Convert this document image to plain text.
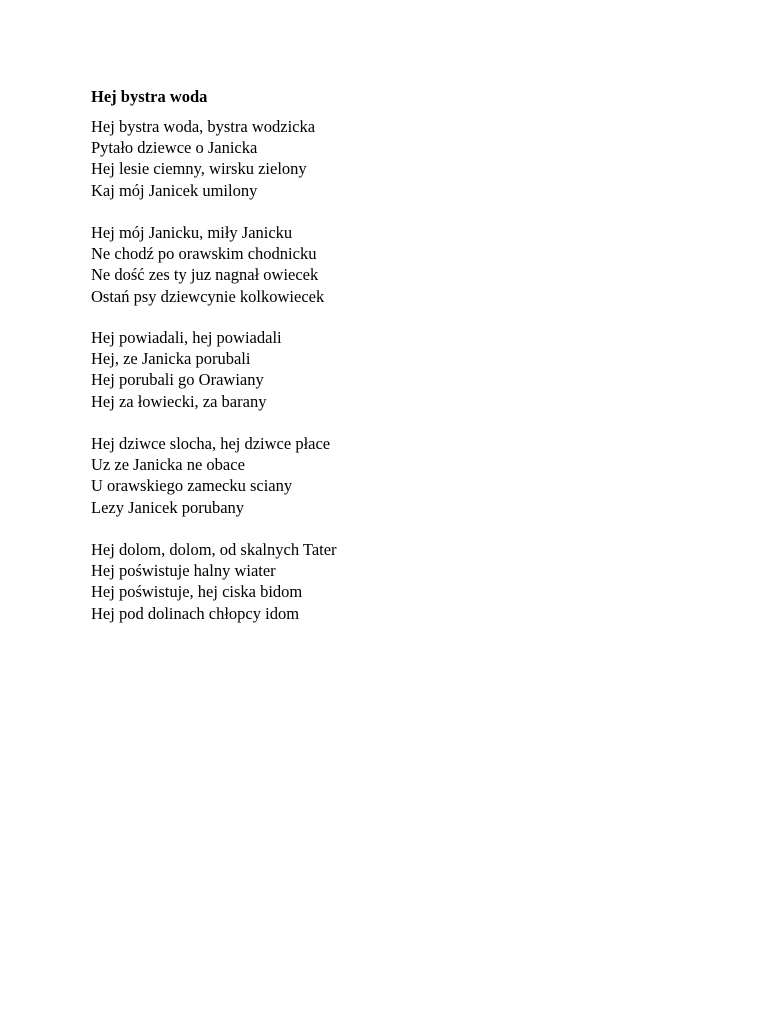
Hej bystra woda
Hej bystra woda, bystra wodzicka
Pytało dziewce o Janicka
Hej lesie ciemny, wirsku zielony
Kaj mój Janicek umilony
Hej mój Janicku, miły Janicku
Ne chodź po orawskim chodnicku
Ne dość zes ty juz nagnał owiecek
Ostań psy dziewcynie kolkowiecek
Hej powiadali, hej powiadali
Hej, ze Janicka porubali
Hej porubali go Orawiany
Hej za łowiecki, za barany
Hej dziwce slocha, hej dziwce płace
Uz ze Janicka ne obace
U orawskiego zamecku sciany
Lezy Janicek porubany
Hej dolom, dolom, od skalnych Tater
Hej poświstuje halny wiater
Hej poświstuje, hej ciska bidom
Hej pod dolinach chłopcy idom
